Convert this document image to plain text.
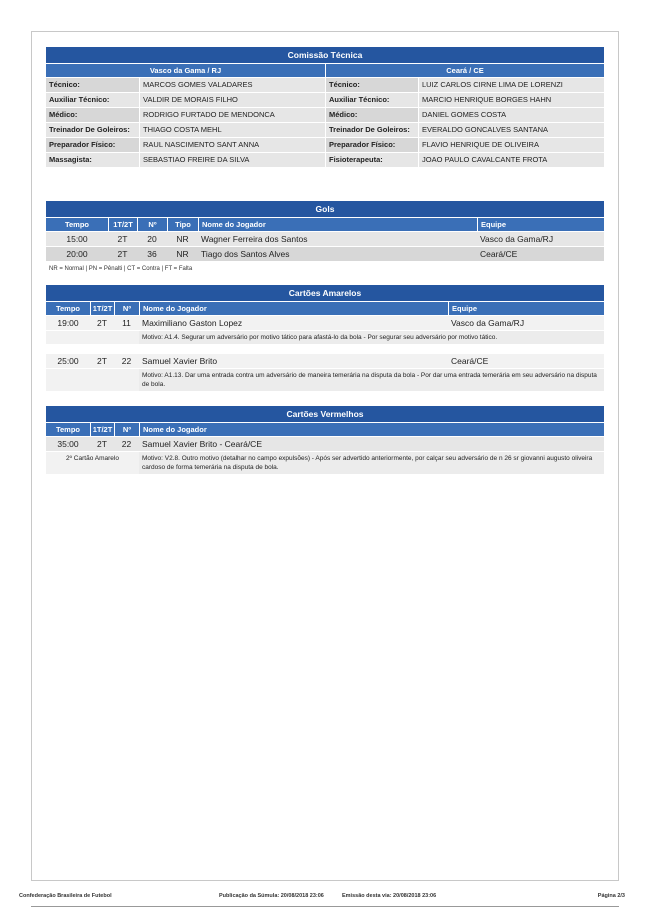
Comissão Técnica
Vasco da Gama / RJ	Ceará / CE
Técnico:	MARCOS GOMES VALADARES	Técnico:	LUIZ CARLOS CIRNE LIMA DE LORENZI
Auxiliar Técnico:	VALDIR DE MORAIS FILHO	Auxiliar Técnico:	MARCIO HENRIQUE BORGES HAHN
Médico:	RODRIGO FURTADO DE MENDONCA	Médico:	DANIEL GOMES COSTA
Treinador De Goleiros:	THIAGO COSTA MEHL	Treinador De Goleiros:	EVERALDO GONCALVES SANTANA
Preparador Físico:	RAUL NASCIMENTO SANT ANNA	Preparador Físico:	FLAVIO HENRIQUE DE OLIVEIRA
Massagista:	SEBASTIAO FREIRE DA SILVA	Fisioterapeuta:	JOAO PAULO CAVALCANTE FROTA
Gols
Tempo	1T/2T	Nº	Tipo	Nome do Jogador	Equipe
15:00	2T	20	NR	Wagner Ferreira dos Santos	Vasco da Gama/RJ
20:00	2T	36	NR	Tiago dos Santos Alves	Ceará/CE
NR = Normal | PN = Pênalti | CT = Contra | FT = Falta
Cartões Amarelos
Tempo	1T/2T	Nº	Nome do Jogador	Equipe
19:00	2T	11	Maximiliano Gaston Lopez	Vasco da Gama/RJ
Motivo: A1.4. Segurar um adversário por motivo tático para afastá-lo da bola - Por segurar seu adversário por motivo tático.
25:00	2T	22	Samuel Xavier Brito	Ceará/CE
Motivo: A1.13. Dar uma entrada contra um adversário de maneira temerária na disputa da bola - Por dar uma entrada temerária em seu adversário na disputa de bola.
Cartões Vermelhos
Tempo	1T/2T	Nº	Nome do Jogador
35:00	2T	22	Samuel Xavier Brito - Ceará/CE
2º Cartão Amarelo	Motivo: V2.8. Outro motivo (detalhar no campo expulsões) - Após ser advertido anteriormente, por calçar seu adversário de n 26 sr giovanni augusto oliveira cardoso de forma temerária na disputa de bola.
Confederação Brasileira de Futebol	Publicação da Súmula: 20/08/2018 23:06	Emissão desta via: 20/08/2018 23:06	Página 2/3
